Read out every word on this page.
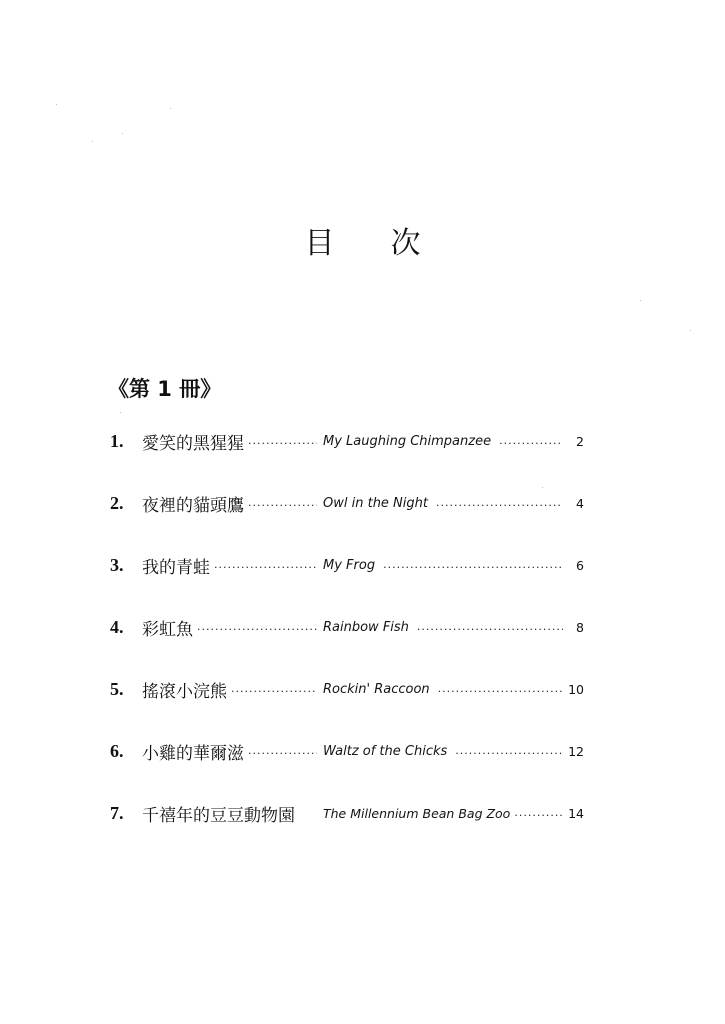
目 次
《第 1 冊》
1.	愛笑的黑猩猩 ·····	My Laughing Chimpanzee ·····	2
2.	夜裡的貓頭鷹 ·····	Owl in the Night ·····	4
3.	我的青蛙 ·····	My Frog ·····	6
4.	彩虹魚 ·····	Rainbow Fish ·····	8
5.	搖滾小浣熊 ·····	Rockin' Raccoon ·····	10
6.	小雞的華爾滋 ·····	Waltz of the Chicks ·····	12
7.	千禧年的豆豆動物園	The Millennium Bean Bag Zoo ·····	14
